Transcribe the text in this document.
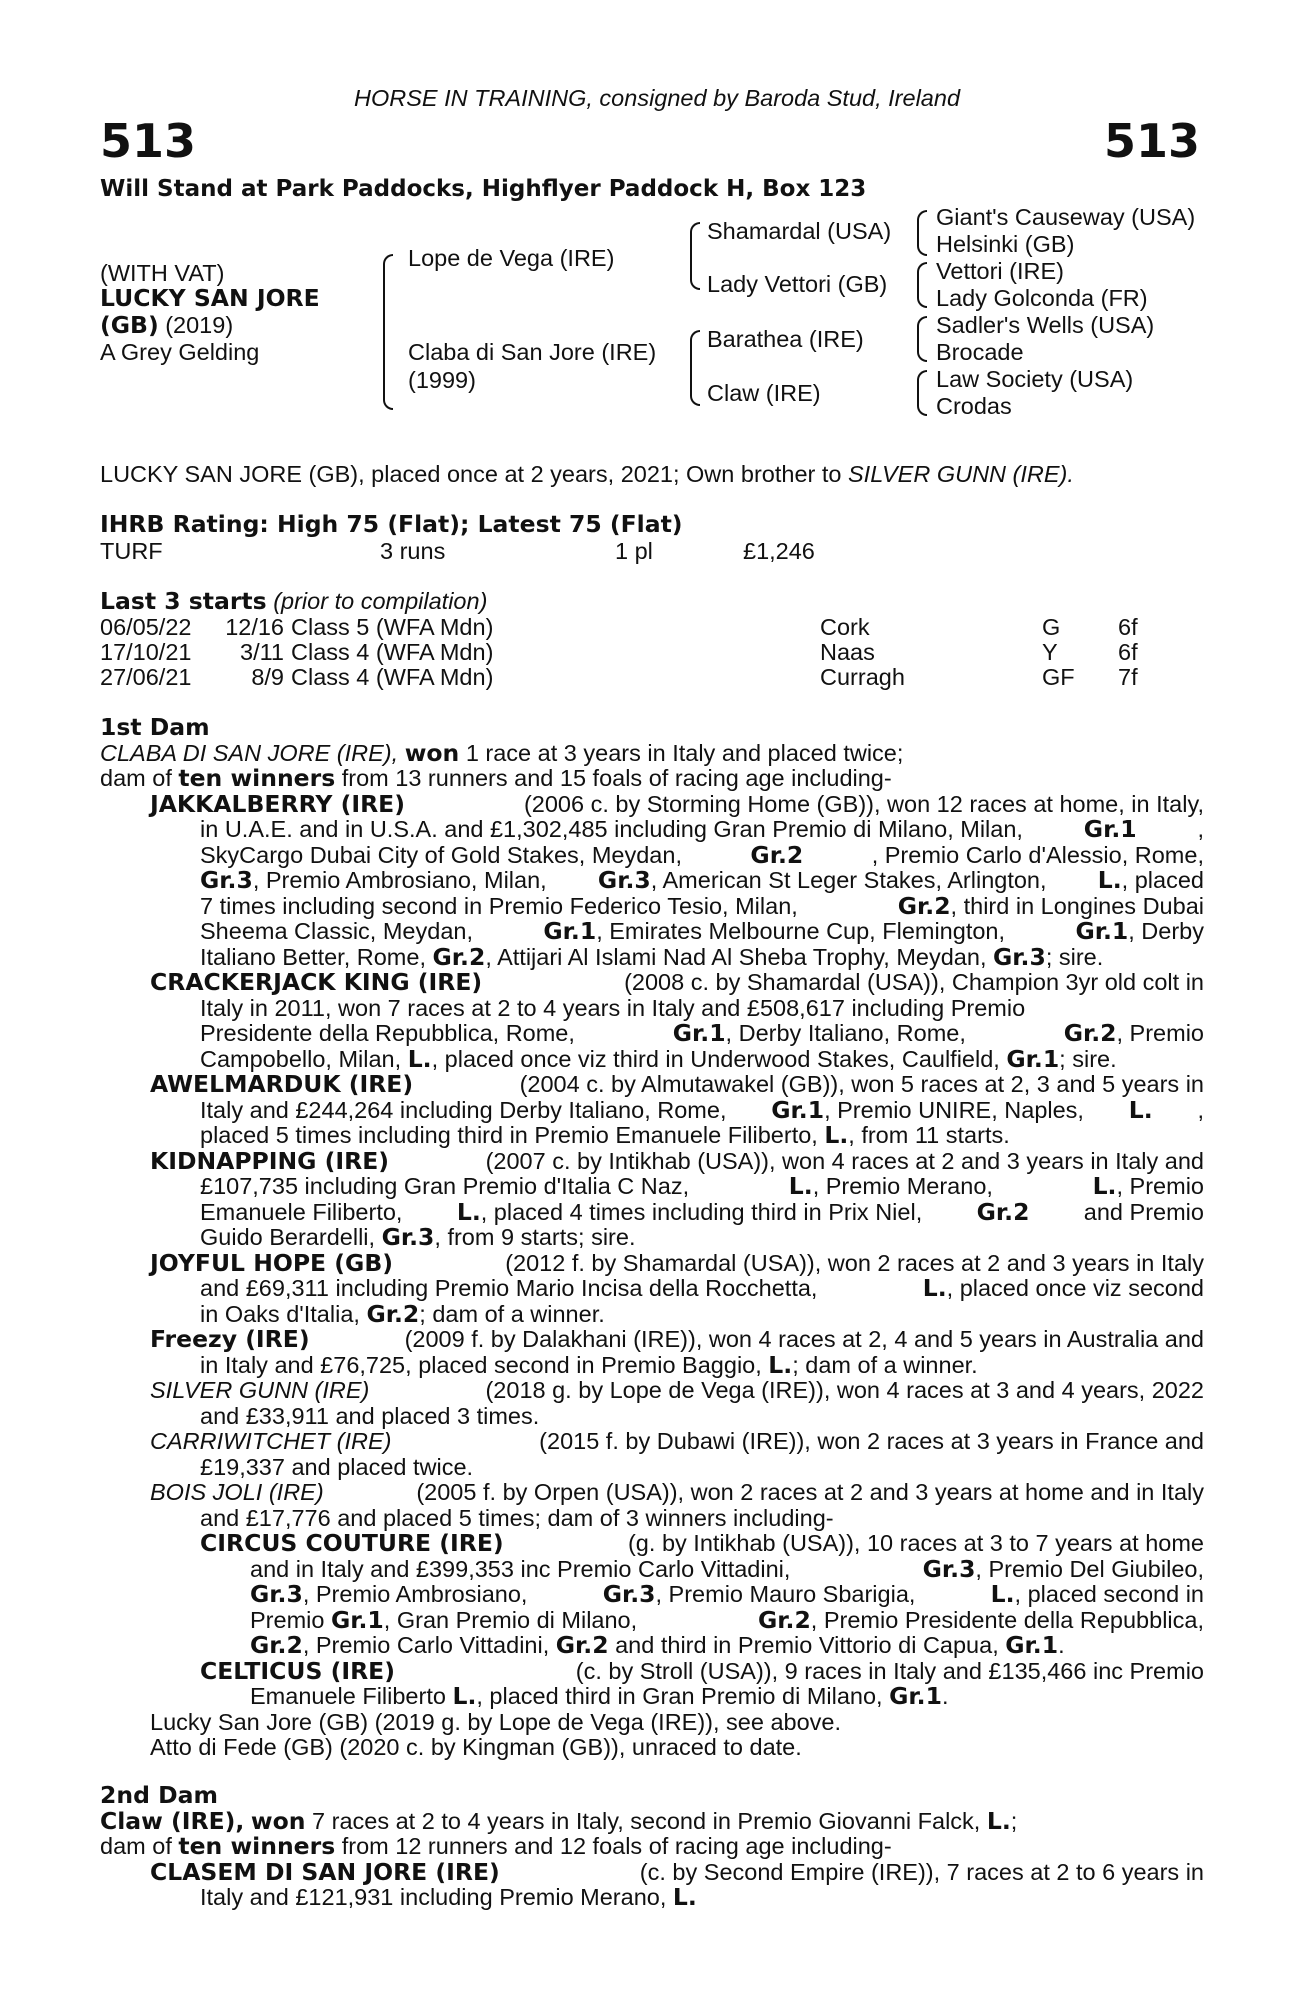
HORSE IN TRAINING, consigned by Baroda Stud, Ireland
513	513
Will Stand at Park Paddocks, Highflyer Paddock H, Box 123
(WITH VAT)
LUCKY SAN JORE
(GB) (2019)
A Grey Gelding
Lope de Vega (IRE)
Claba di San Jore (IRE)
(1999)
Shamardal (USA)
Lady Vettori (GB)
Barathea (IRE)
Claw (IRE)
Giant's Causeway (USA)
Helsinki (GB)
Vettori (IRE)
Lady Golconda (FR)
Sadler's Wells (USA)
Brocade
Law Society (USA)
Crodas
LUCKY SAN JORE (GB), placed once at 2 years, 2021; Own brother to SILVER GUNN (IRE).
IHRB Rating: High 75 (Flat); Latest 75 (Flat)
TURF	3 runs	1 pl	£1,246
Last 3 starts (prior to compilation)
06/05/22	12/16 Class 5 (WFA Mdn)	Cork	G 6f
17/10/21	3/11 Class 4 (WFA Mdn)	Naas	Y	6f
27/06/21	8/9 Class 4 (WFA Mdn)	Curragh	GF 7f
1st Dam
CLABA DI SAN JORE (IRE), won 1 race at 3 years in Italy and placed twice;
dam of ten winners from 13 runners and 15 foals of racing age including-
JAKKALBERRY (IRE)	(2006 c. by Storming Home (GB)), won 12 races at home, in Italy,
in U.A.E. and in U.S.A. and £1,302,485 including Gran Premio di Milano, Milan,	Gr.1	,
SkyCargo Dubai City of Gold Stakes, Meydan,	Gr.2	, Premio Carlo d'Alessio, Rome,
Gr.3, Premio Ambrosiano, Milan, Gr.3, American St Leger Stakes, Arlington, L., placed
7 times including second in Premio Federico Tesio, Milan,	Gr.2, third in Longines Dubai
Sheema Classic, Meydan,	Gr.1, Emirates Melbourne Cup, Flemington,	Gr.1, Derby
Italiano Better, Rome, Gr.2, Attijari Al Islami Nad Al Sheba Trophy, Meydan, Gr.3; sire.
CRACKERJACK KING (IRE)	(2008 c. by Shamardal (USA)), Champion 3yr old colt in
Italy in 2011, won 7 races at 2 to 4 years in Italy and £508,617 including Premio
Presidente della Repubblica, Rome,	Gr.1, Derby Italiano, Rome,	Gr.2, Premio
Campobello, Milan, L., placed once viz third in Underwood Stakes, Caulfield, Gr.1; sire.
AWELMARDUK (IRE)	(2004 c. by Almutawakel (GB)), won 5 races at 2, 3 and 5 years in
Italy and £244,264 including Derby Italiano, Rome, Gr.1, Premio UNIRE, Naples, L. ,
placed 5 times including third in Premio Emanuele Filiberto, L., from 11 starts.
KIDNAPPING (IRE)	(2007 c. by Intikhab (USA)), won 4 races at 2 and 3 years in Italy and
£107,735 including Gran Premio d'Italia C Naz,	L., Premio Merano,	L., Premio
Emanuele Filiberto, L., placed 4 times including third in Prix Niel, Gr.2 and Premio
Guido Berardelli, Gr.3, from 9 starts; sire.
JOYFUL HOPE (GB)	(2012 f. by Shamardal (USA)), won 2 races at 2 and 3 years in Italy
and £69,311 including Premio Mario Incisa della Rocchetta,	L., placed once viz second
in Oaks d'Italia, Gr.2; dam of a winner.
Freezy (IRE)	(2009 f. by Dalakhani (IRE)), won 4 races at 2, 4 and 5 years in Australia and
in Italy and £76,725, placed second in Premio Baggio, L.; dam of a winner.
SILVER GUNN (IRE)	(2018 g. by Lope de Vega (IRE)), won 4 races at 3 and 4 years, 2022
and £33,911 and placed 3 times.
CARRIWITCHET (IRE)	(2015 f. by Dubawi (IRE)), won 2 races at 3 years in France and
£19,337 and placed twice.
BOIS JOLI (IRE)	(2005 f. by Orpen (USA)), won 2 races at 2 and 3 years at home and in Italy
and £17,776 and placed 5 times; dam of 3 winners including-
CIRCUS COUTURE (IRE)	(g. by Intikhab (USA)), 10 races at 3 to 7 years at home
and in Italy and £399,353 inc Premio Carlo Vittadini,	Gr.3, Premio Del Giubileo,
Gr.3, Premio Ambrosiano,	Gr.3, Premio Mauro Sbarigia,	L., placed second in
Premio Gr.1, Gran Premio di Milano,	Gr.2, Premio Presidente della Repubblica,
Gr.2, Premio Carlo Vittadini, Gr.2 and third in Premio Vittorio di Capua, Gr.1.
CELTICUS (IRE)	(c. by Stroll (USA)), 9 races in Italy and £135,466 inc Premio
Emanuele Filiberto L., placed third in Gran Premio di Milano, Gr.1.
Lucky San Jore (GB) (2019 g. by Lope de Vega (IRE)), see above.
Atto di Fede (GB) (2020 c. by Kingman (GB)), unraced to date.
2nd Dam
Claw (IRE), won 7 races at 2 to 4 years in Italy, second in Premio Giovanni Falck, L.;
dam of ten winners from 12 runners and 12 foals of racing age including-
CLASEM DI SAN JORE (IRE)	(c. by Second Empire (IRE)), 7 races at 2 to 6 years in
Italy and £121,931 including Premio Merano, L.
